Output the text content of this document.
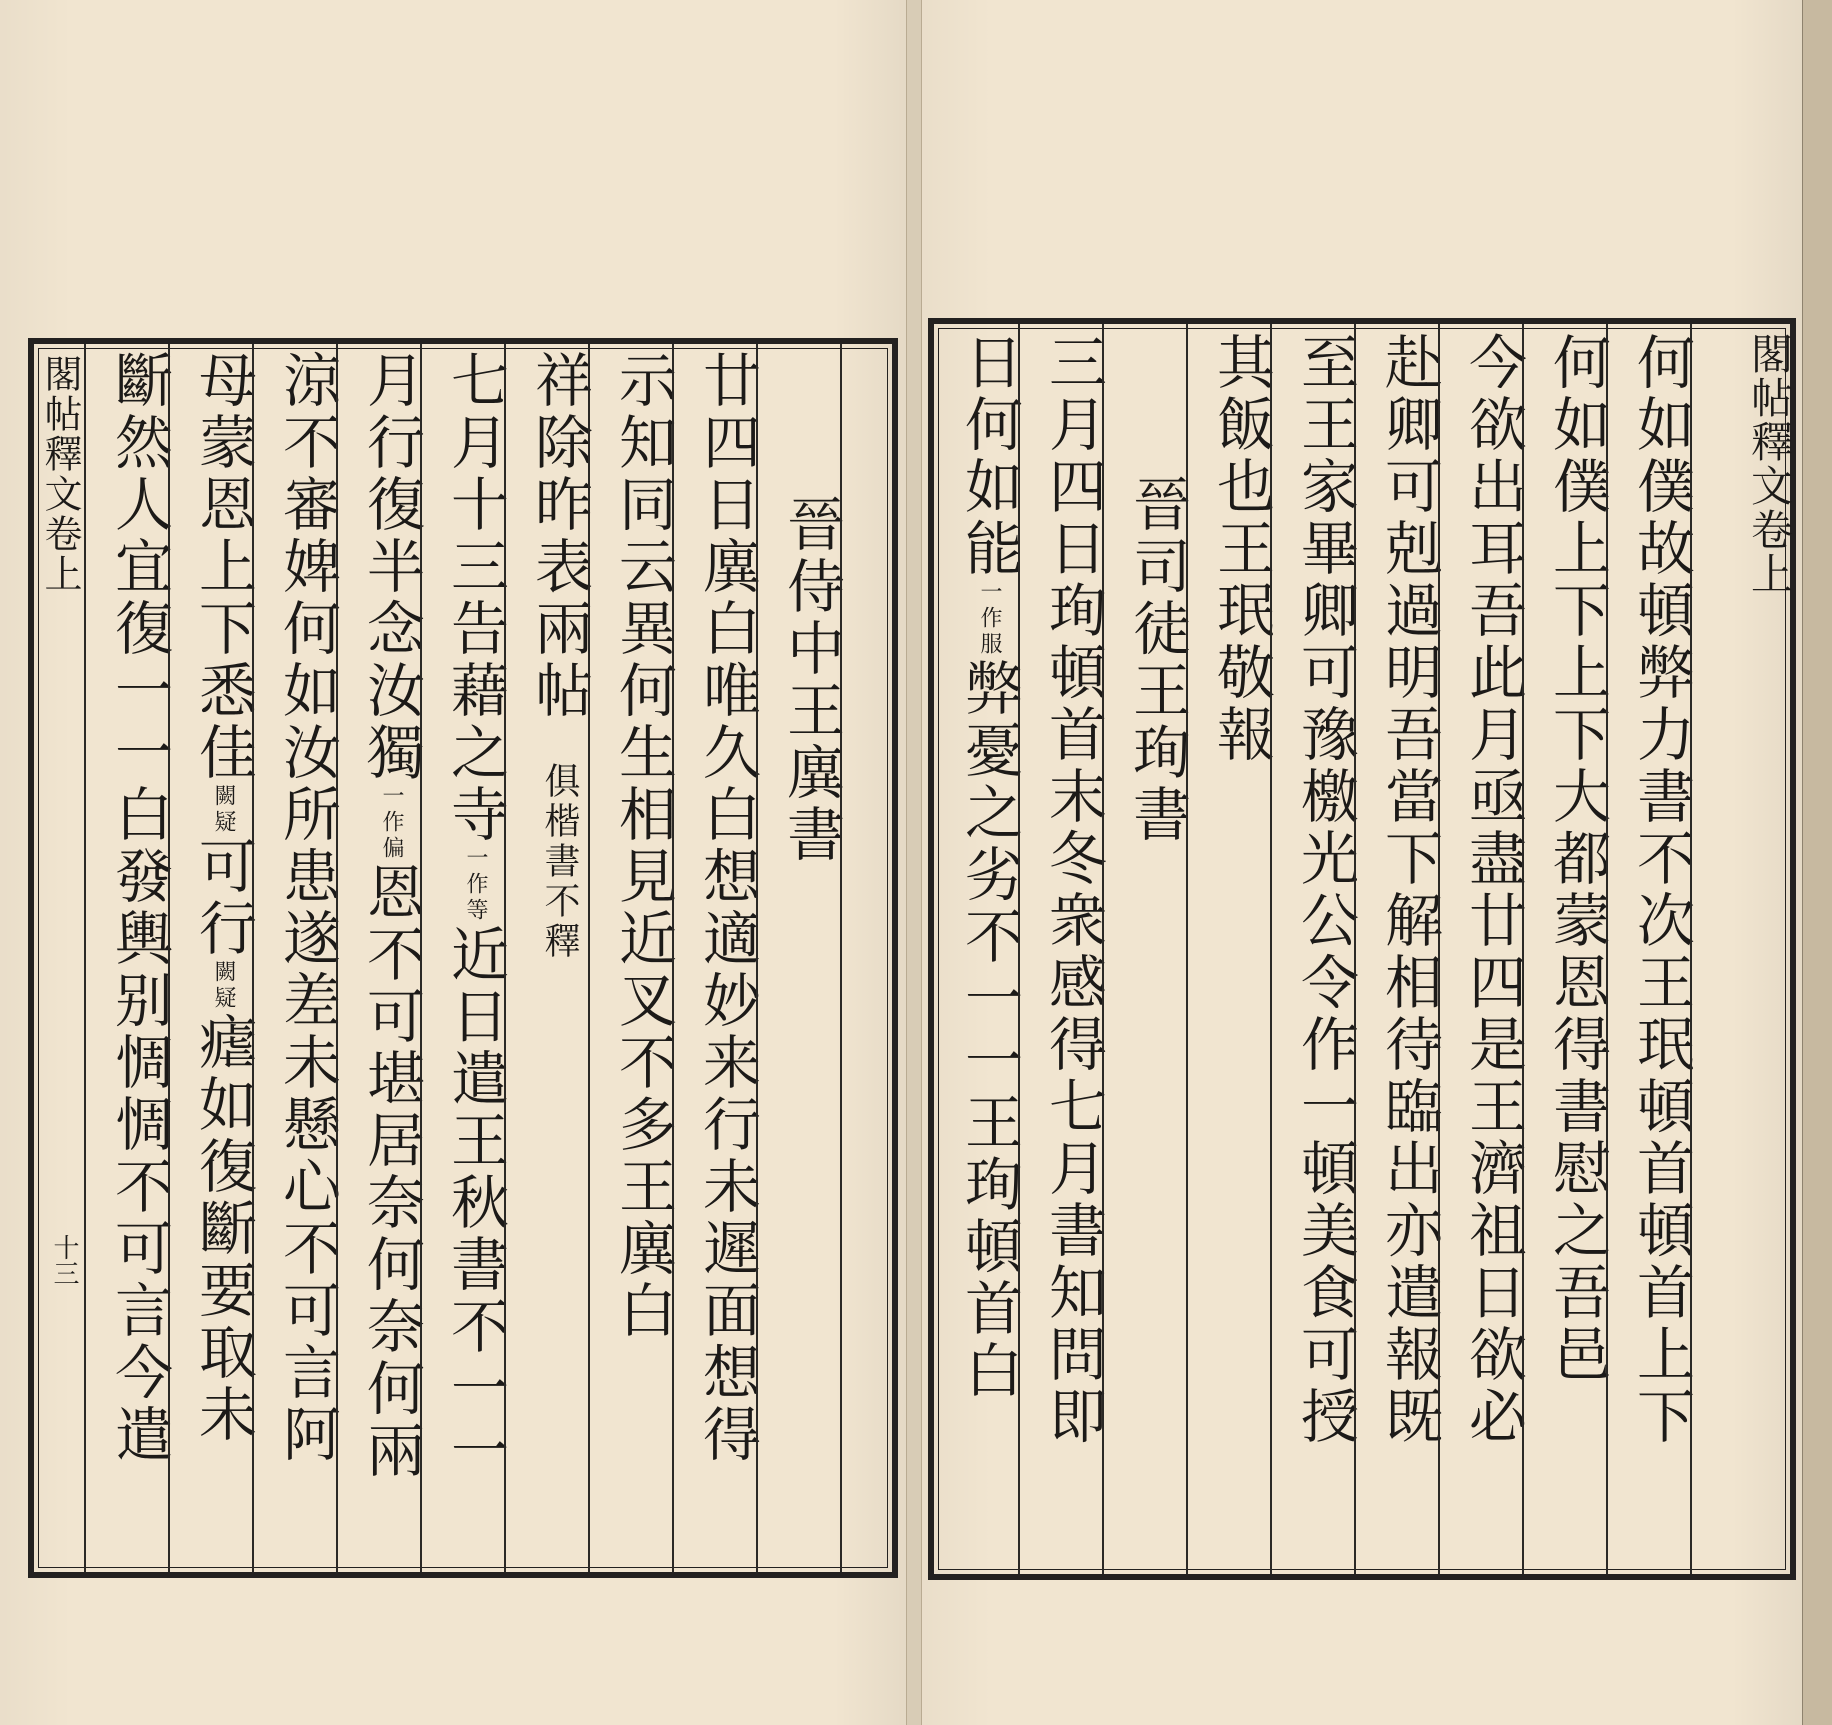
閣帖釋文卷上
十三 斷然人宜復一一白發輿别惆惆不可言今遣 母蒙恩上下悉佳闕疑可行闕疑瘧如復斷要取未 涼不審婢何如汝所患遂差未懸心不可言阿 月行復半念汝獨一作偏恩不可堪居奈何奈何兩
七月十三告藉之寺一作等近日遣王秋書不一一
祥除昨表兩帖俱楷書不釋 示知同云異何生相見近叉不多王廙白 廿四日廙白唯久白想適妙来行未遲面想得 晉侍中王廙書
日何如能一作服弊憂之劣不一一王珣頓首白 三月四日珣頓首末冬衆感得七月書知問即 晉司徒王珣書 其飯也王珉敬報 至王家畢卿可豫檄光公令作一頓美食可授 赴卿可剋過明吾當下解相待臨出亦遣報既 今欲出耳吾此月亟盡廿四是王濟祖日欲必 何如僕上下上下大都蒙恩得書慰之吾邑 何如僕故頓弊力書不次王珉頓首頓首上下 閣帖釋文卷上
